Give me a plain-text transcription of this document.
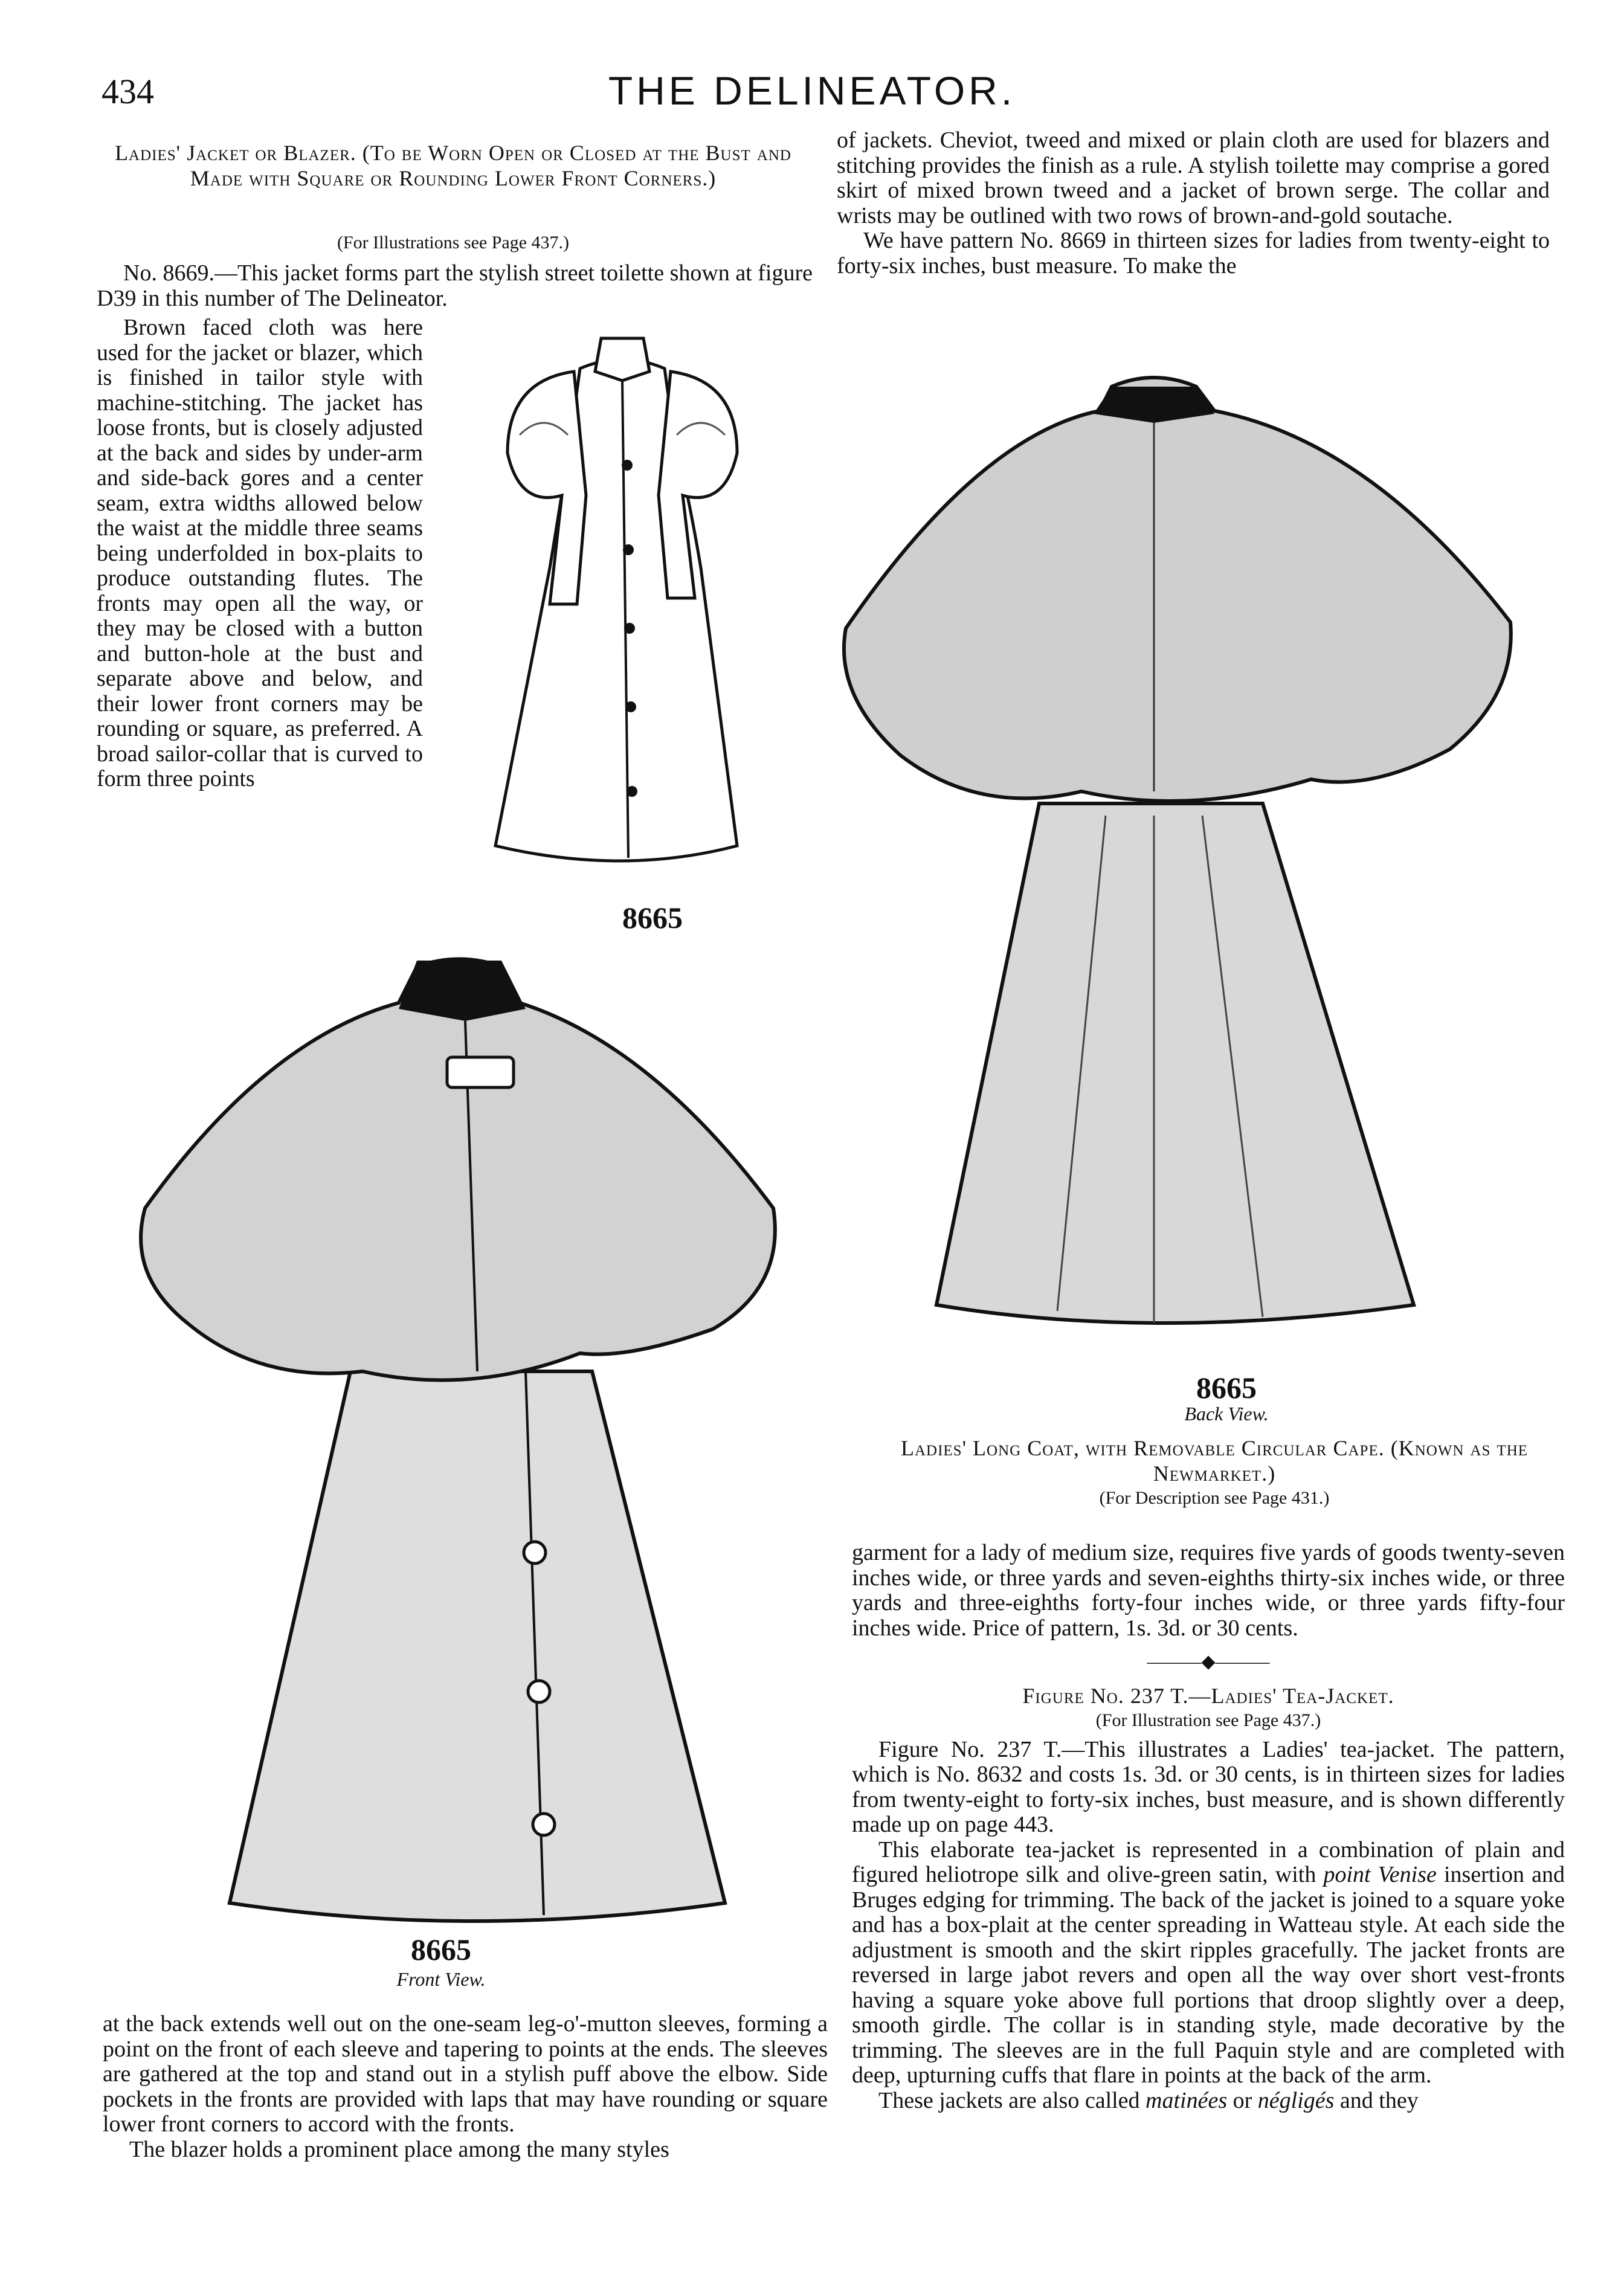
434	THE DELINEATOR.
Ladies' Jacket or Blazer. (To be Worn Open or Closed at the Bust and Made with Square or Rounding Lower Front Corners.)
(For Illustrations see Page 437.)

No. 8669.—This jacket forms part the stylish street toilette shown at figure D39 in this number of The Delineator.

Brown faced cloth was here used for the jacket or blazer, which is finished in tailor style with machine-stitching. The jacket has loose fronts, but is closely adjusted at the back and sides by under-arm and side-back gores and a center seam, extra widths allowed below the waist at the middle three seams being underfolded in box-plaits to produce outstanding flutes. The fronts may open all the way, or they may be closed with a button and button-hole at the bust and separate above and below, and their lower front corners may be rounding or square, as preferred. A broad sailor-collar that is curved to form three points

8665
8665
Back View.
Ladies' Long Coat, with Removable Circular Cape. (Known as the Newmarket.)
(For Description see Page 431.)
8665
Front View.

at the back extends well out on the one-seam leg-o'-mutton sleeves, forming a point on the front of each sleeve and tapering to points at the ends. The sleeves are gathered at the top and stand out in a stylish puff above the elbow. Side pockets in the fronts are provided with laps that may have rounding or square lower front corners to accord with the fronts.

The blazer holds a prominent place among the many styles

of jackets. Cheviot, tweed and mixed or plain cloth are used for blazers and stitching provides the finish as a rule. A stylish toilette may comprise a gored skirt of mixed brown tweed and a jacket of brown serge. The collar and wrists may be outlined with two rows of brown-and-gold soutache.

We have pattern No. 8669 in thirteen sizes for ladies from twenty-eight to forty-six inches, bust measure. To make the

garment for a lady of medium size, requires five yards of goods twenty-seven inches wide, or three yards and seven-eighths thirty-six inches wide, or three yards and three-eighths forty-four inches wide, or three yards fifty-four inches wide. Price of pattern, 1s. 3d. or 30 cents.

———◆———
Figure No. 237 T.—Ladies' Tea-Jacket.
(For Illustration see Page 437.)

Figure No. 237 T.—This illustrates a Ladies' tea-jacket. The pattern, which is No. 8632 and costs 1s. 3d. or 30 cents, is in thirteen sizes for ladies from twenty-eight to forty-six inches, bust measure, and is shown differently made up on page 443.

This elaborate tea-jacket is represented in a combination of plain and figured heliotrope silk and olive-green satin, with point Venise insertion and Bruges edging for trimming. The back of the jacket is joined to a square yoke and has a box-plait at the center spreading in Watteau style. At each side the adjustment is smooth and the skirt ripples gracefully. The jacket fronts are reversed in large jabot revers and open all the way over short vest-fronts having a square yoke above full portions that droop slightly over a deep, smooth girdle. The collar is in standing style, made decorative by the trimming. The sleeves are in the full Paquin style and are completed with deep, upturning cuffs that flare in points at the back of the arm.

These jackets are also called matinées or négligés and they
